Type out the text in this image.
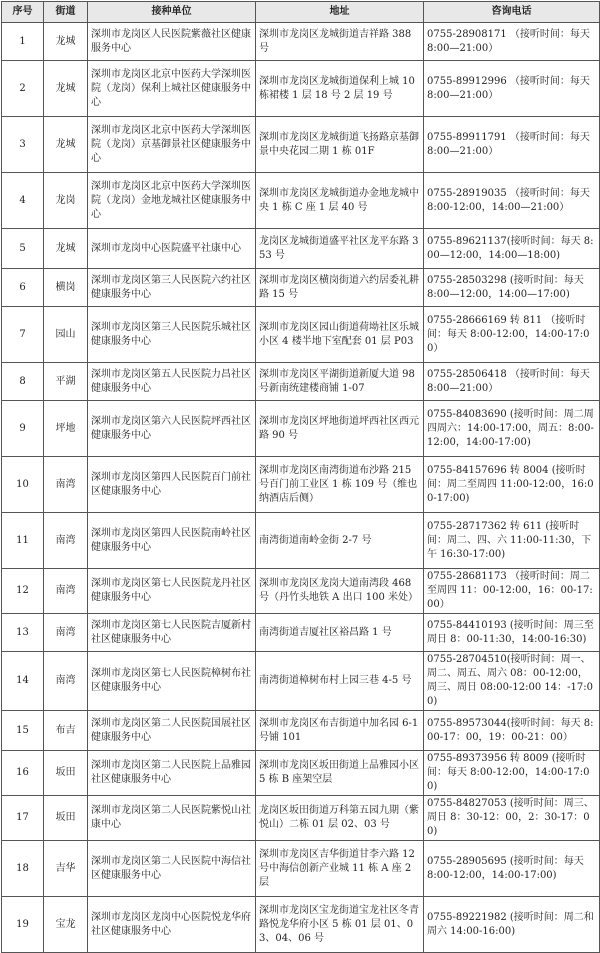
序号	街道	接种单位	地址	咨询电话
1	龙城	深圳市龙岗区人民医院紫薇社区健康服务中心	深圳市龙岗区龙城街道吉祥路 388 号	0755-28908171 （接听时间：每天 8:00—21:00）
2	龙城	深圳市龙岗区北京中医药大学深圳医院（龙岗）保利上城社区健康服务中心	深圳市龙岗区龙城街道保利上城 10 栋裙楼 1 层 18 号 2 层 19 号	0755-89912996 （接听时间：每天 8:00—21:00）
3	龙城	深圳市龙岗区北京中医药大学深圳医院（龙岗）京基御景社区健康服务中心	深圳市龙岗区龙城街道飞扬路京基御景中央花园二期 1 栋 01F	0755-89911791 （接听时间：每天 8:00—21:00）
4	龙岗	深圳市龙岗区北京中医药大学深圳医院（龙岗）金地龙城社区健康服务中心	深圳市龙岗区龙城街道办金地龙城中央 1 栋 C 座 1 层 40 号	0755-28919035 （接听时间：每天 8:00-12:00，14:00—21:00）
5	龙城	深圳市龙岗中心医院盛平社康中心	龙岗区龙城街道盛平社区龙平东路 353 号	0755-89621137(接听时间：每天 8:00—12:00，14:00—18:00)
6	横岗	深圳市龙岗区第三人民医院六约社区健康服务中心	深圳市龙岗区横岗街道六约居委礼耕路 15 号	0755-28503298 (接听时间：每天 8:00—12:00，14:00—17:00)
7	园山	深圳市龙岗区第三人民医院乐城社区健康服务中心	深圳市龙岗区园山街道荷坳社区乐城小区 4 楼半地下室配套 01 层 P03	0755-28666169 转 811 （接听时间：每天 8:00-12:00，14:00-17:00）
8	平湖	深圳市龙岗区第五人民医院力昌社区健康服务中心	深圳市龙岗区平湖街道新厦大道 98 号新南统建楼商铺 1-07	0755-28506418 （接听时间：每天 8:00—21:00）
9	坪地	深圳市龙岗区第六人民医院坪西社区健康服务中心	深圳市龙岗区坪地街道坪西社区西元路 90 号	0755-84083690 (接听时间：周二周四周六：14:00-17:00，周五：8:00-12:00，14:00-17:00)
10	南湾	深圳市龙岗区第四人民医院百门前社区健康服务中心	深圳市龙岗区南湾街道布沙路 215 号百门前工业区 1 栋 109 号（维也纳酒店后侧）	0755-84157696 转 8004 (接听时间：周二至周四 11:00-12:00，16:00-17:00)
11	南湾	深圳市龙岗区第四人民医院南岭社区健康服务中心	南湾街道南岭金街 2-7 号	0755-28717362 转 611 (接听时间：周二、四、六 11:00-11:30，下午 16:30-17:00)
12	南湾	深圳市龙岗区第七人民医院龙丹社区健康服务中心	深圳市龙岗区龙岗大道南湾段 468 号（丹竹头地铁 A 出口 100 米处）	0755-28681173 （接听时间：周二至周四 11：00-12:00，16：00-17:00）
13	南湾	深圳市龙岗区第七人民医院吉厦新村社区健康服务中心	南湾街道吉厦社区裕昌路 1 号	0755-84410193 (接听时间：周三至周日 8：00-11:30，14:00-16:30)
14	南湾	深圳市龙岗区第七人民医院樟树布社区健康服务中心	南湾街道樟树布村上园三巷 4-5 号	0755-28704510(接听时间：周一、周二、周五、周六 08：00-12:00，周三、周日 08:00-12:00 14：-17:00)
15	布吉	深圳市龙岗区第二人民医院国展社区健康服务中心	深圳市龙岗区布吉街道中加名园 6-1 号铺 101	0755-89573044(接听时间：每天 8:00-17：00，19：00-21：00）
16	坂田	深圳市龙岗区第二人民医院上品雅园社区健康服务中心	深圳市龙岗区坂田街道上品雅园小区 5 栋 B 座架空层	0755-89373956 转 8009 (接听时间：每天 8:00-12:00，14:00-17:00)
17	坂田	深圳市龙岗区第二人民医院紫悦山社康中心	龙岗区坂田街道万科第五园九期（紫悦山）二栋 01 层 02、03 号	0755-84827053 (接听时间：周三、周日 8：30-12：00，2：30-17：00)
18	吉华	深圳市龙岗区第二人民医院中海信社区健康服务中心	深圳市龙岗区吉华街道甘李六路 12 号中海信创新产业城 11 栋 A 座 2 层	0755-28905695 (接听时间：每天 8:00-12:00，14:00-17:00)
19	宝龙	深圳市龙岗区龙岗中心医院悦龙华府社区健康服务中心	深圳市龙岗区宝龙街道宝龙社区冬青路悦龙华府小区 5 栋 01 层 01、03、04、06 号	0755-89221982 (接听时间：周二和周六 14:00-16:00)
